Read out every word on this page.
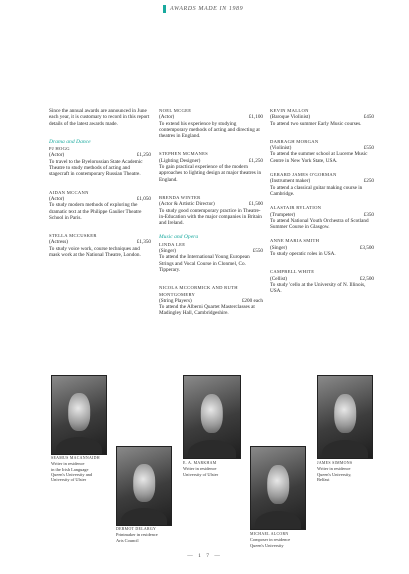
AWARDS MADE IN 1989
Since the annual awards are announced in June each year, it is customary to record in this report details of the latest awards made.
Drama and Dance
PJ HOGG
(Actor)	£1,250
To travel to the Byelorussian State Academic Theatre to study methods of acting and stagecraft in contemporary Russian Theatre.
AIDAN MCCANN
(Actor)	£1,050
To study modern methods of exploring the dramatic text at the Philippe Gaulier Theatre School in Paris.
STELLA MCCUSKER
(Actress)	£1,350
To study voice work, course techniques and mask work at the National Theatre, London.
NOEL MCGEE
(Actor)	£1,100
To extend his experience by studying contemporary methods of acting and directing at theatres in England.
STEPHEN MCMANES
(Lighting Designer)	£1,250
To gain practical experience of the modern approaches to lighting design at major theatres in England.
BRENDA WINTER
(Actor & Artistic Director)	£1,500
To study good contemporary practice in Theatre-in-Education with the major companies in Britain and Ireland.
Music and Opera
LINDA LEE
(Singer)	£550
To attend the International Young European Strings and Vocal Course in Clonmel, Co. Tipperary.
NICOLA MCCORMICK AND RUTH MONTGOMERY
(String Players)	£200 each
To attend the Alberni Quartet Masterclasses at Madingley Hall, Cambridgeshire.
KEVIN MALLON
(Baroque Violinist)	£450
To attend two summer Early Music courses.
DARRAGH MORGAN
(Violinist)	£550
To attend the summer school at Lucerne Music Centre in New York State, USA.
GERARD JAMES O'GORMAN
(Instrument maker)	£250
To attend a classical guitar making course in Cambridge.
ALASTAIR RYLATION
(Trumpeter)	£350
To attend National Youth Orchestra of Scotland Summer Course in Glasgow.
ANNE MARIA SMITH
(Singer)	£3,500
To study operatic roles in USA.
CAMPBELL WHITE
(Cellist)	£2,500
To study 'cello at the University of N. Illinois, USA.
SEAMUS MACANNAIDH
Writer in residence
in the Irish Language
Queen's University and
University of Ulster
DERMOT DELARGY
Printmaker in residence
Arts Council
E. A. MARKHAM
Writer in residence
University of Ulster
MICHAEL ALCORN
Composer in residence
Queen's University
JAMES SIMMONS
Writer in residence
Queen's University,
Belfast
— 1 7 —
